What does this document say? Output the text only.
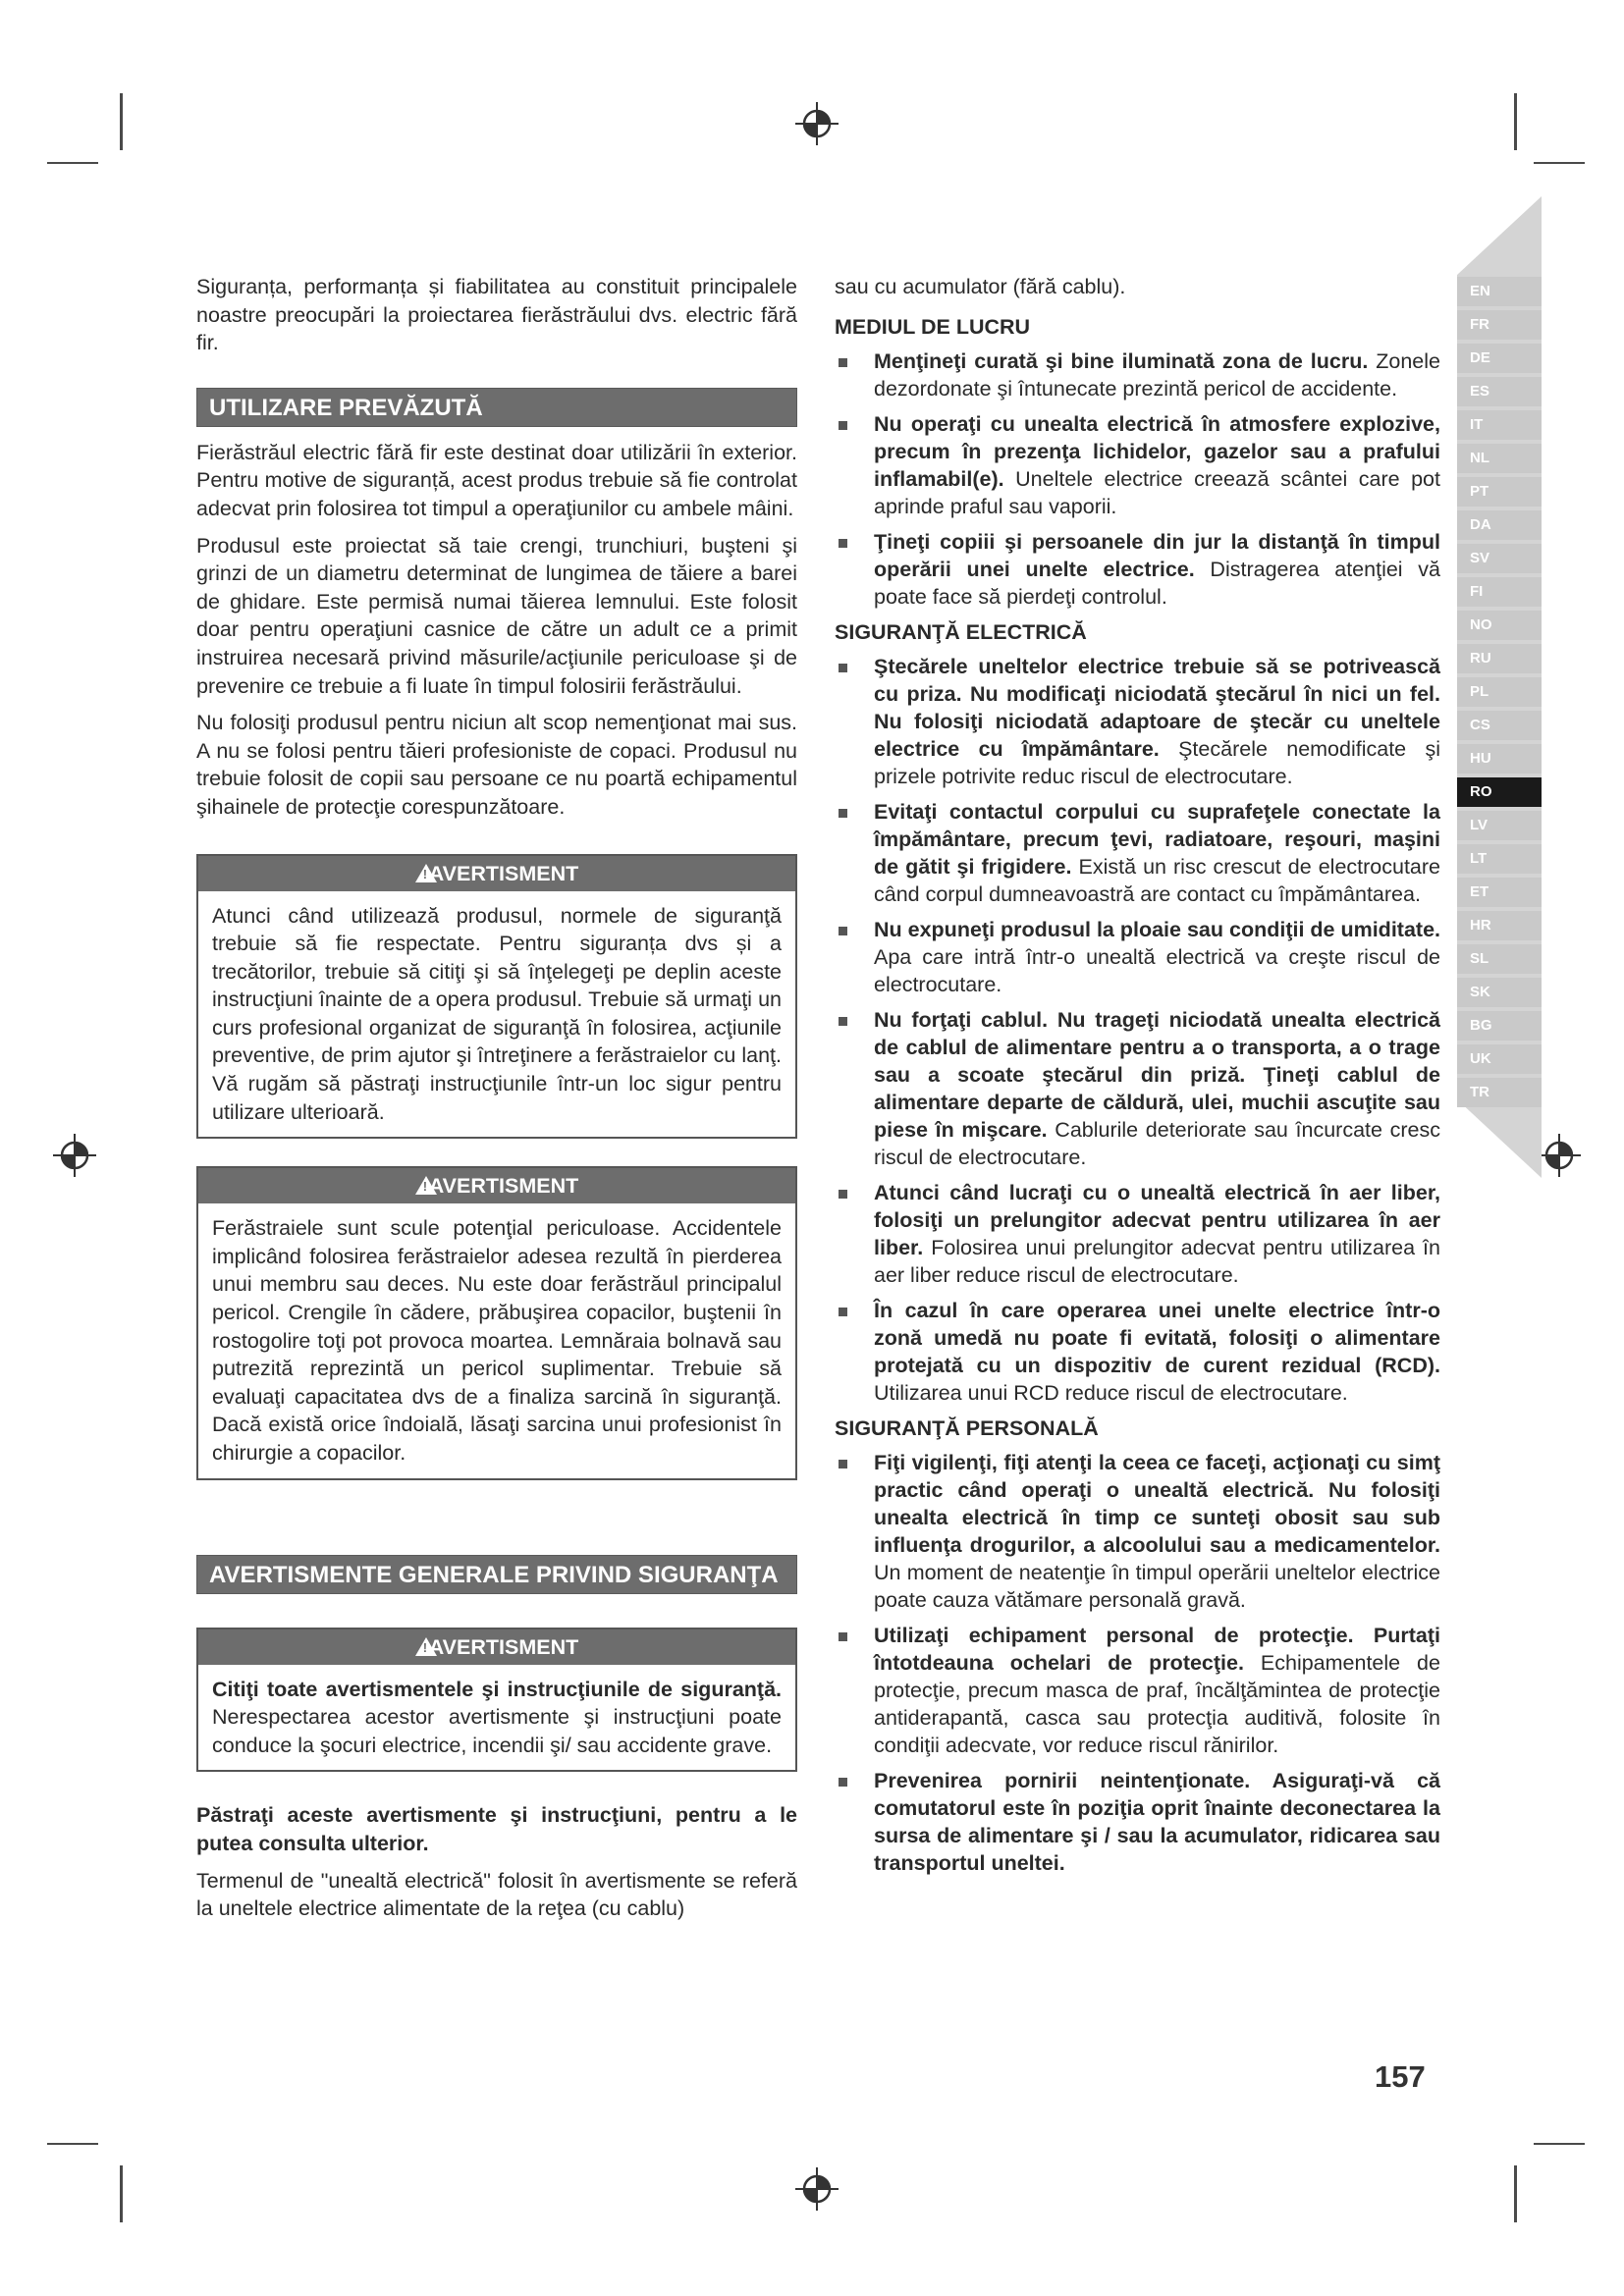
EN
FR
DE
ES
IT
NL
PT
DA
SV
FI
NO
RU
PL
CS
HU
RO
LV
LT
ET
HR
SL
SK
BG
UK
TR

Siguranța, performanța și fiabilitatea au constituit principalele noastre preocupări la proiectarea fierăstrăului dvs. electric fără fir.

UTILIZARE PREVĂZUTĂ

Fierăstrăul electric fără fir este destinat doar utilizării în exterior. Pentru motive de siguranță, acest produs trebuie să fie controlat adecvat prin folosirea tot timpul a operaţiunilor cu ambele mâini.

Produsul este proiectat să taie crengi, trunchiuri, buşteni şi grinzi de un diametru determinat de lungimea de tăiere a barei de ghidare. Este permisă numai tăierea lemnului. Este folosit doar pentru operaţiuni casnice de către un adult ce a primit instruirea necesară privind măsurile/acţiunile periculoase şi de prevenire ce trebuie a fi luate în timpul folosirii ferăstrăului.

Nu folosiţi produsul pentru niciun alt scop nemenţionat mai sus. A nu se folosi pentru tăieri profesioniste de copaci. Produsul nu trebuie folosit de copii sau persoane ce nu poartă echipamentul şihainele de protecţie corespunzătoare.

! AVERTISMENT

Atunci când utilizează produsul, normele de siguranţă trebuie să fie respectate. Pentru siguranța dvs și a trecătorilor, trebuie să citiţi şi să înţelegeţi pe deplin aceste instrucţiuni înainte de a opera produsul. Trebuie să urmaţi un curs profesional organizat de siguranţă în folosirea, acţiunile preventive, de prim ajutor şi întreţinere a ferăstraielor cu lanţ. Vă rugăm să păstraţi instrucţiunile într-un loc sigur pentru utilizare ulterioară.

! AVERTISMENT

Ferăstraiele sunt scule potenţial periculoase. Accidentele implicând folosirea ferăstraielor adesea rezultă în pierderea unui membru sau deces. Nu este doar ferăstrăul principalul pericol. Crengile în cădere, prăbuşirea copacilor, buştenii în rostogolire toţi pot provoca moartea. Lemnăraia bolnavă sau putrezită reprezintă un pericol suplimentar. Trebuie să evaluaţi capacitatea dvs de a finaliza sarcină în siguranţă. Dacă există orice îndoială, lăsaţi sarcina unui profesionist în chirurgie a copacilor.

AVERTISMENTE GENERALE PRIVIND SIGURANŢA
! AVERTISMENT

Citiţi toate avertismentele şi instrucţiunile de siguranţă. Nerespectarea acestor avertismente şi instrucţiuni poate conduce la şocuri electrice, incendii şi/ sau accidente grave.

Păstraţi aceste avertismente şi instrucţiuni, pentru a le putea consulta ulterior.

Termenul de "unealtă electrică" folosit în avertismente se referă la uneltele electrice alimentate de la reţea (cu cablu)

sau cu acumulator (fără cablu).

MEDIUL DE LUCRU
Menţineţi curată şi bine iluminată zona de lucru. Zonele dezordonate şi întunecate prezintă pericol de accidente.
Nu operaţi cu unealta electrică în atmosfere explozive, precum în prezenţa lichidelor, gazelor sau a prafului inflamabil(e). Uneltele electrice creează scântei care pot aprinde praful sau vaporii.
Ţineţi copiii şi persoanele din jur la distanţă în timpul operării unei unelte electrice. Distragerea atenţiei vă poate face să pierdeţi controlul.
SIGURANŢĂ ELECTRICĂ
Ştecărele uneltelor electrice trebuie să se potrivească cu priza. Nu modificaţi niciodată ştecărul în nici un fel. Nu folosiţi niciodată adaptoare de ştecăr cu uneltele electrice cu împământare. Ştecărele nemodificate şi prizele potrivite reduc riscul de electrocutare.
Evitaţi contactul corpului cu suprafeţele conectate la împământare, precum ţevi, radiatoare, reşouri, maşini de gătit şi frigidere. Există un risc crescut de electrocutare când corpul dumneavoastră are contact cu împământarea.
Nu expuneţi produsul la ploaie sau condiţii de umiditate. Apa care intră într-o unealtă electrică va creşte riscul de electrocutare.
Nu forţaţi cablul. Nu trageţi niciodată unealta electrică de cablul de alimentare pentru a o transporta, a o trage sau a scoate ştecărul din priză. Ţineţi cablul de alimentare departe de căldură, ulei, muchii ascuţite sau piese în mişcare. Cablurile deteriorate sau încurcate cresc riscul de electrocutare.
Atunci când lucraţi cu o unealtă electrică în aer liber, folosiţi un prelungitor adecvat pentru utilizarea în aer liber. Folosirea unui prelungitor adecvat pentru utilizarea în aer liber reduce riscul de electrocutare.
În cazul în care operarea unei unelte electrice într-o zonă umedă nu poate fi evitată, folosiţi o alimentare protejată cu un dispozitiv de curent rezidual (RCD). Utilizarea unui RCD reduce riscul de electrocutare.
SIGURANŢĂ PERSONALĂ
Fiţi vigilenţi, fiţi atenţi la ceea ce faceţi, acţionaţi cu simţ practic când operaţi o unealtă electrică. Nu folosiţi unealta electrică în timp ce sunteţi obosit sau sub influenţa drogurilor, a alcoolului sau a medicamentelor. Un moment de neatenţie în timpul operării uneltelor electrice poate cauza vătămare personală gravă.
Utilizaţi echipament personal de protecţie. Purtaţi întotdeauna ochelari de protecţie. Echipamentele de protecţie, precum masca de praf, încălţămintea de protecţie antiderapantă, casca sau protecţia auditivă, folosite în condiţii adecvate, vor reduce riscul rănirilor.
Prevenirea pornirii neintenţionate. Asiguraţi-vă că comutatorul este în poziţia oprit înainte deconectarea la sursa de alimentare şi / sau la acumulator, ridicarea sau transportul uneltei.
157
